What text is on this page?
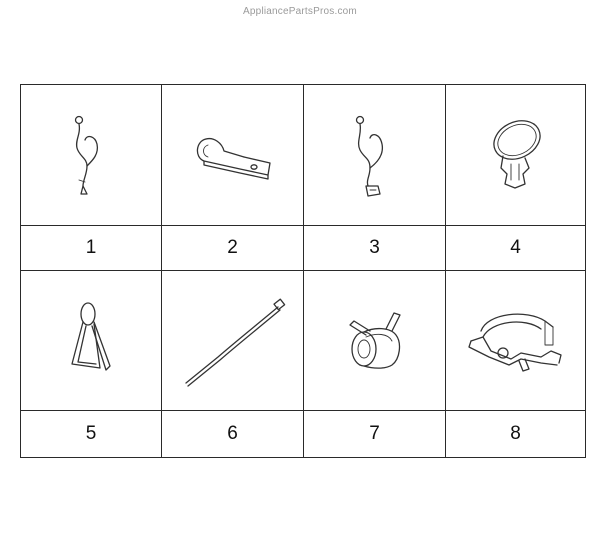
AppliancePartsPros.com
1	2	3	4
5	6	7	8
